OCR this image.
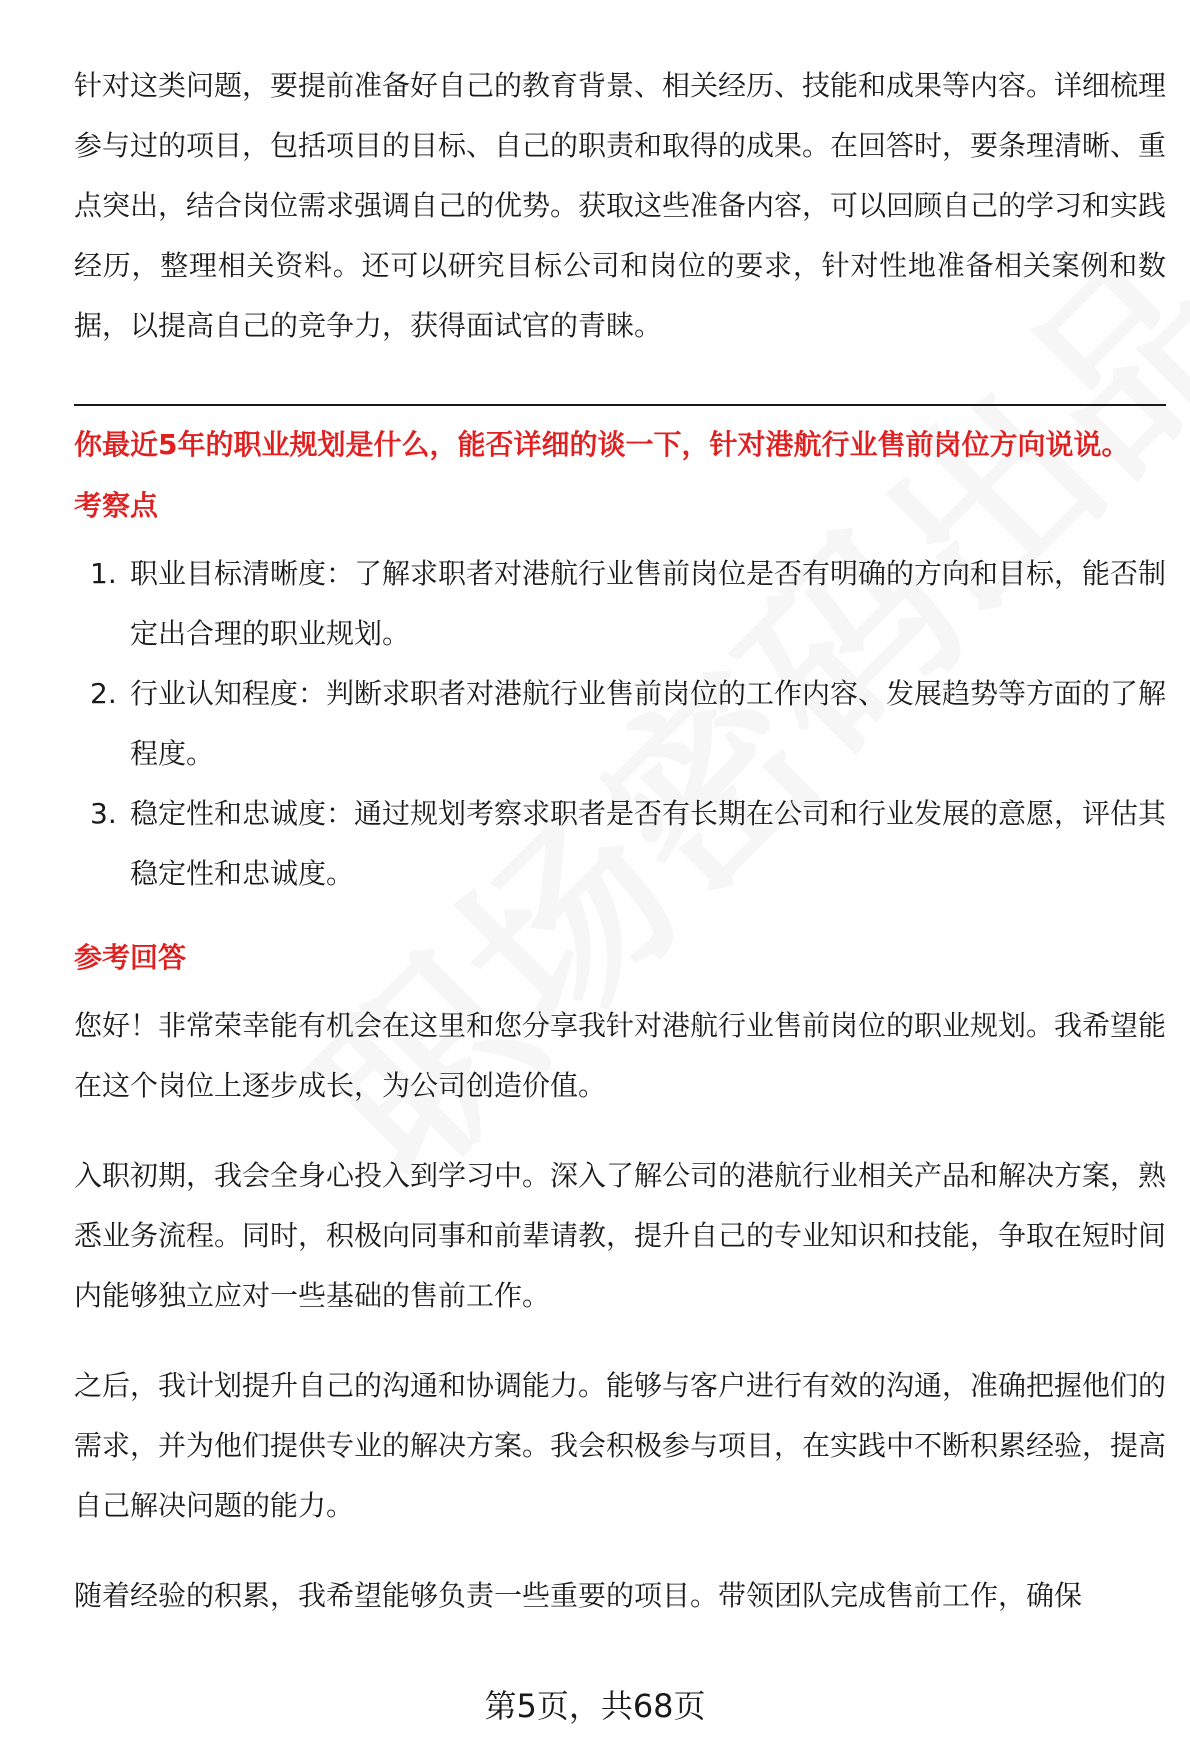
针对这类问题，要提前准备好自己的教育背景、相关经历、技能和成果等内容。详细梳理参与过的项目，包括项目的目标、自己的职责和取得的成果。在回答时，要条理清晰、重点突出，结合岗位需求强调自己的优势。获取这些准备内容，可以回顾自己的学习和实践经历，整理相关资料。还可以研究目标公司和岗位的要求，针对性地准备相关案例和数据，以提高自己的竞争力，获得面试官的青睐。

你最近5年的职业规划是什么，能否详细的谈一下，针对港航行业售前岗位方向说说。

考察点
1. 职业目标清晰度：了解求职者对港航行业售前岗位是否有明确的方向和目标，能否制定出合理的职业规划。
2. 行业认知程度：判断求职者对港航行业售前岗位的工作内容、发展趋势等方面的了解程度。
3. 稳定性和忠诚度：通过规划考察求职者是否有长期在公司和行业发展的意愿，评估其稳定性和忠诚度。
参考回答

您好！非常荣幸能有机会在这里和您分享我针对港航行业售前岗位的职业规划。我希望能在这个岗位上逐步成长，为公司创造价值。

入职初期，我会全身心投入到学习中。深入了解公司的港航行业相关产品和解决方案，熟悉业务流程。同时，积极向同事和前辈请教，提升自己的专业知识和技能，争取在短时间内能够独立应对一些基础的售前工作。

之后，我计划提升自己的沟通和协调能力。能够与客户进行有效的沟通，准确把握他们的需求，并为他们提供专业的解决方案。我会积极参与项目，在实践中不断积累经验，提高自己解决问题的能力。

随着经验的积累，我希望能够负责一些重要的项目。带领团队完成售前工作，确保

第5页，共68页
